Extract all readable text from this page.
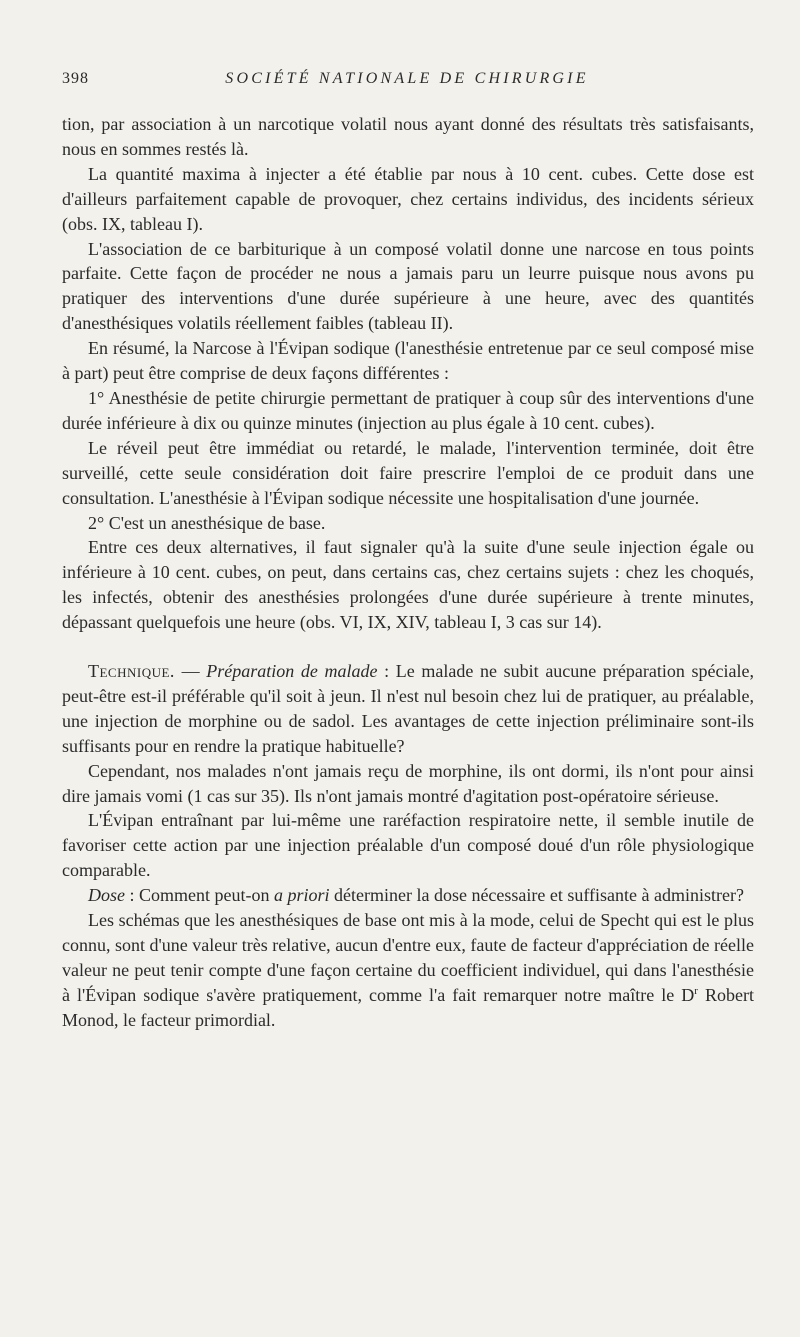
398	SOCIÉTÉ NATIONALE DE CHIRURGIE

tion, par association à un narcotique volatil nous ayant donné des résultats très satisfaisants, nous en sommes restés là.

La quantité maxima à injecter a été établie par nous à 10 cent. cubes. Cette dose est d'ailleurs parfaitement capable de provoquer, chez certains individus, des incidents sérieux (obs. IX, tableau I).

L'association de ce barbiturique à un composé volatil donne une narcose en tous points parfaite. Cette façon de procéder ne nous a jamais paru un leurre puisque nous avons pu pratiquer des interventions d'une durée supérieure à une heure, avec des quantités d'anesthésiques volatils réellement faibles (tableau II).

En résumé, la Narcose à l'Évipan sodique (l'anesthésie entretenue par ce seul composé mise à part) peut être comprise de deux façons différentes :

1° Anesthésie de petite chirurgie permettant de pratiquer à coup sûr des interventions d'une durée inférieure à dix ou quinze minutes (injection au plus égale à 10 cent. cubes).

Le réveil peut être immédiat ou retardé, le malade, l'intervention terminée, doit être surveillé, cette seule considération doit faire prescrire l'emploi de ce produit dans une consultation. L'anesthésie à l'Évipan sodique nécessite une hospitalisation d'une journée.

2° C'est un anesthésique de base.

Entre ces deux alternatives, il faut signaler qu'à la suite d'une seule injection égale ou inférieure à 10 cent. cubes, on peut, dans certains cas, chez certains sujets : chez les choqués, les infectés, obtenir des anesthésies prolongées d'une durée supérieure à trente minutes, dépassant quelquefois une heure (obs. VI, IX, XIV, tableau I, 3 cas sur 14).

Technique. — Préparation de malade : Le malade ne subit aucune préparation spéciale, peut-être est-il préférable qu'il soit à jeun. Il n'est nul besoin chez lui de pratiquer, au préalable, une injection de morphine ou de sadol. Les avantages de cette injection préliminaire sont-ils suffisants pour en rendre la pratique habituelle?

Cependant, nos malades n'ont jamais reçu de morphine, ils ont dormi, ils n'ont pour ainsi dire jamais vomi (1 cas sur 35). Ils n'ont jamais montré d'agitation post-opératoire sérieuse.

L'Évipan entraînant par lui-même une raréfaction respiratoire nette, il semble inutile de favoriser cette action par une injection préalable d'un composé doué d'un rôle physiologique comparable.

Dose : Comment peut-on a priori déterminer la dose nécessaire et suffisante à administrer?

Les schémas que les anesthésiques de base ont mis à la mode, celui de Specht qui est le plus connu, sont d'une valeur très relative, aucun d'entre eux, faute de facteur d'appréciation de réelle valeur ne peut tenir compte d'une façon certaine du coefficient individuel, qui dans l'anesthésie à l'Évipan sodique s'avère pratiquement, comme l'a fait remarquer notre maître le $D^r$ Robert Monod, le facteur primordial.
